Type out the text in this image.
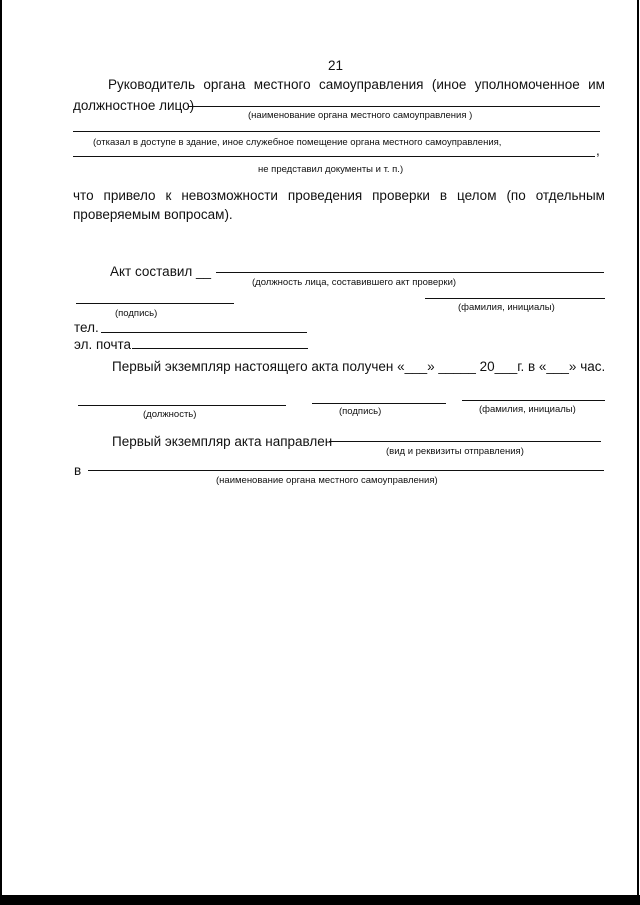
21
Руководитель органа местного самоуправления (иное уполномоченное им
должностное лицо)
(наименование органа местного самоуправления )
(отказал в доступе в здание, иное служебное помещение органа местного самоуправления,
,
не представил документы и т. п.)
что привело к невозможности проведения проверки в целом (по отдельным
проверяемым вопросам).
Акт составил __
(должность лица, составившего акт проверки)
(подпись)
(фамилия, инициалы)
тел.
эл. почта
Первый экземпляр настоящего акта получен «___» _____ 20___г. в «___» час.
(должность)	(подпись)	(фамилия, инициалы)
Первый экземпляр акта направлен
(вид и реквизиты отправления)
в
(наименование органа местного самоуправления)
